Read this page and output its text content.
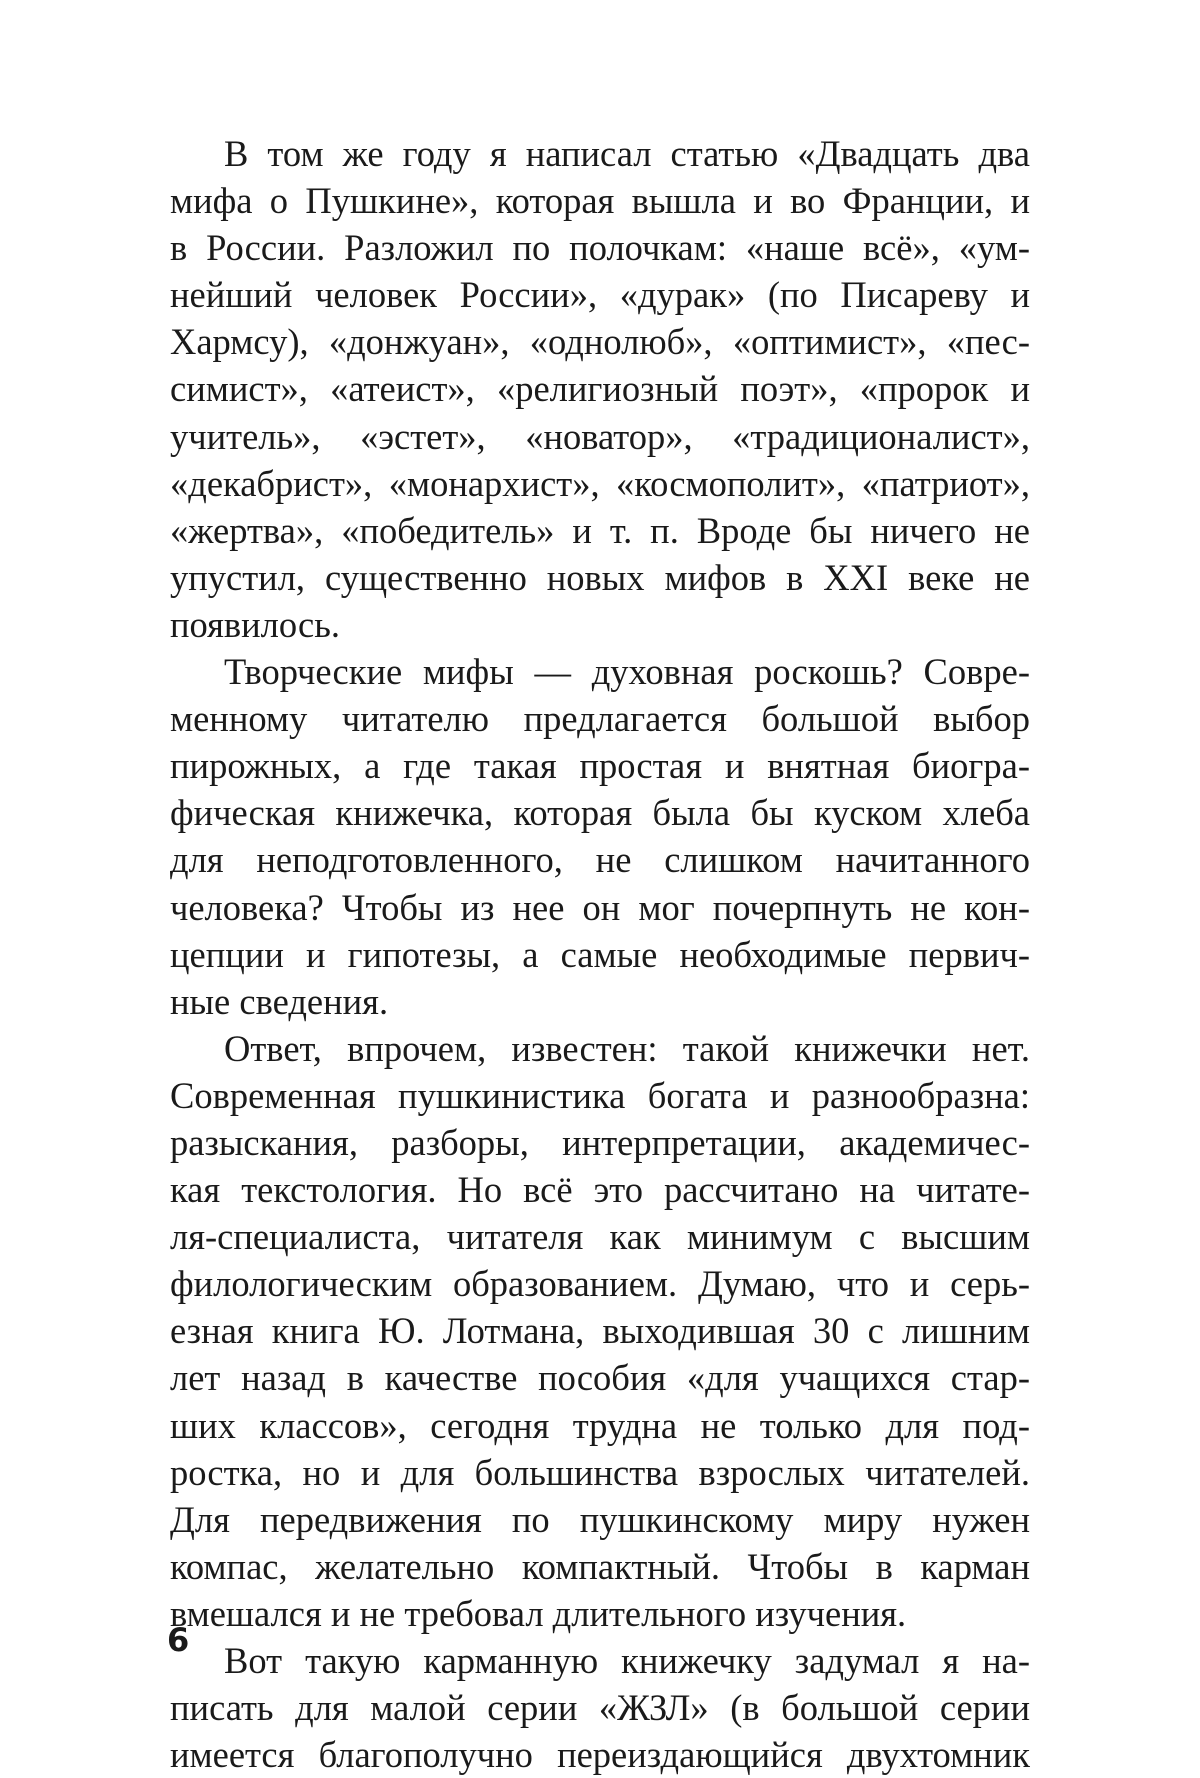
В том же году я написал статью «Двадцать два
мифа о Пушкине», которая вышла и во Франции, и
в России. Разложил по полочкам: «наше всё», «ум-
нейший человек России», «дурак» (по Писареву и
Хармсу), «донжуан», «однолюб», «оптимист», «пес-
симист», «атеист», «религиозный поэт», «пророк и
учитель», «эстет», «новатор», «традиционалист»,
«декабрист», «монархист», «космополит», «патриот»,
«жертва», «победитель» и т. п. Вроде бы ничего не
упустил, существенно новых мифов в XXI веке не
появилось.
Творческие мифы — духовная роскошь? Совре-
менному читателю предлагается большой выбор
пирожных, а где такая простая и внятная биогра-
фическая книжечка, которая была бы куском хлеба
для неподготовленного, не слишком начитанного
человека? Чтобы из нее он мог почерпнуть не кон-
цепции и гипотезы, а самые необходимые первич-
ные сведения.
Ответ, впрочем, известен: такой книжечки нет.
Современная пушкинистика богата и разнообразна:
разыскания, разборы, интерпретации, академичес-
кая текстология. Но всё это рассчитано на читате-
ля-специалиста, читателя как минимум с высшим
филологическим образованием. Думаю, что и серь-
езная книга Ю. Лотмана, выходившая 30 с лишним
лет назад в качестве пособия «для учащихся стар-
ших классов», сегодня трудна не только для под-
ростка, но и для большинства взрослых читателей.
Для передвижения по пушкинскому миру нужен
компас, желательно компактный. Чтобы в карман
вмешался и не требовал длительного изучения.
Вот такую карманную книжечку задумал я на-
писать для малой серии «ЖЗЛ» (в большой серии
имеется благополучно переиздающийся двухтомник
6
